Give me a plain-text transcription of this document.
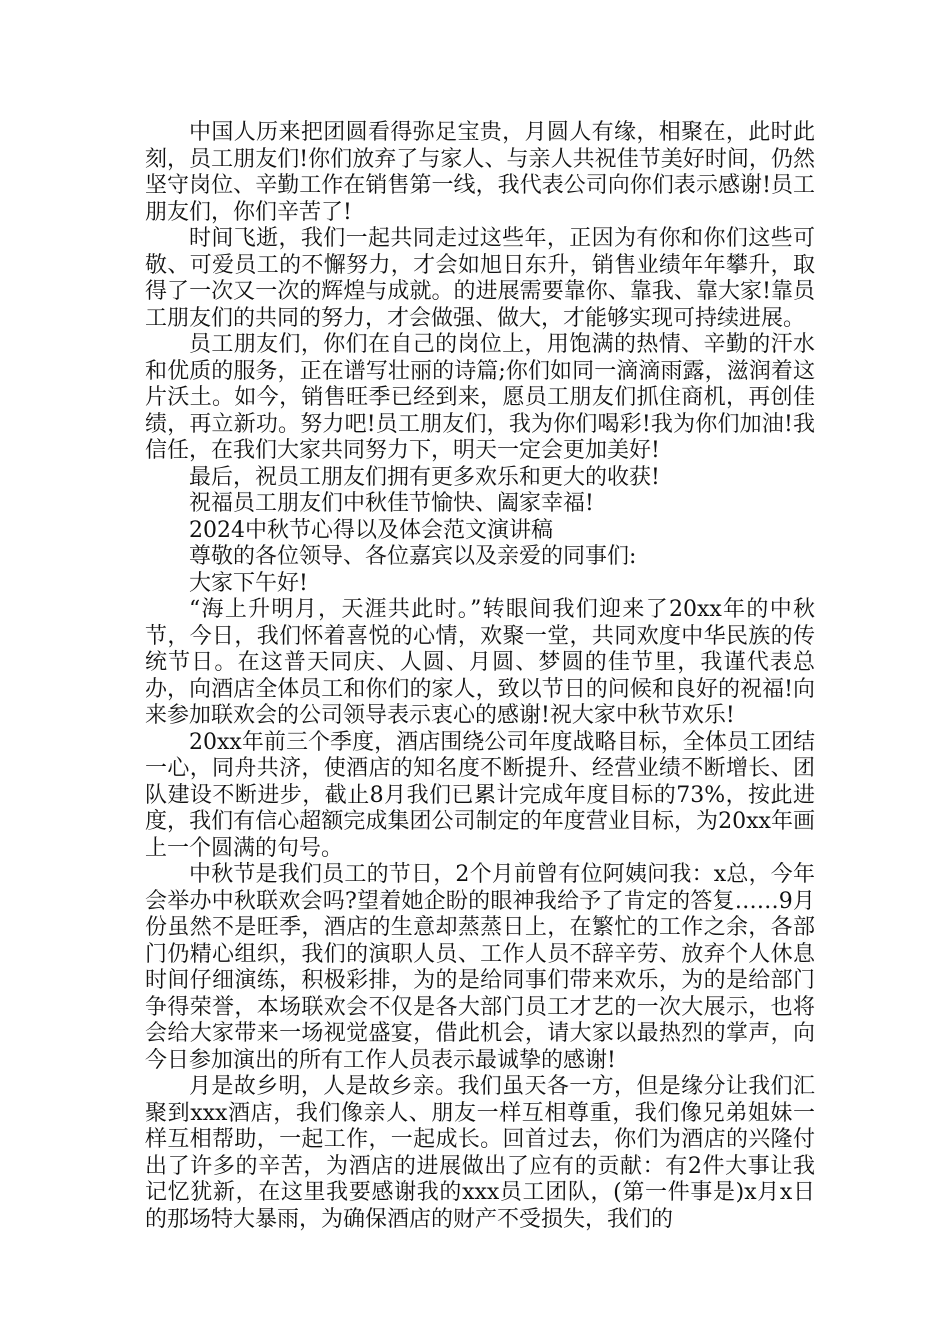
中国人历来把团圆看得弥足宝贵，月圆人有缘，相聚在，此时此刻，员工朋友们!你们放弃了与家人、与亲人共祝佳节美好时间，仍然坚守岗位、辛勤工作在销售第一线，我代表公司向你们表示感谢!员工朋友们，你们辛苦了!

时间飞逝，我们一起共同走过这些年，正因为有你和你们这些可敬、可爱员工的不懈努力，才会如旭日东升，销售业绩年年攀升，取得了一次又一次的辉煌与成就。的进展需要靠你、靠我、靠大家!靠员工朋友们的共同的努力，才会做强、做大，才能够实现可持续进展。

员工朋友们，你们在自己的岗位上，用饱满的热情、辛勤的汗水和优质的服务，正在谱写壮丽的诗篇;你们如同一滴滴雨露，滋润着这片沃土。如今，销售旺季已经到来，愿员工朋友们抓住商机，再创佳绩，再立新功。努力吧!员工朋友们，我为你们喝彩!我为你们加油!我信任，在我们大家共同努力下，明天一定会更加美好!

最后，祝员工朋友们拥有更多欢乐和更大的收获!

祝福员工朋友们中秋佳节愉快、阖家幸福!

2024中秋节心得以及体会范文演讲稿

尊敬的各位领导、各位嘉宾以及亲爱的同事们:

大家下午好!

“海上升明月，天涯共此时。”转眼间我们迎来了20xx年的中秋节，今日，我们怀着喜悦的心情，欢聚一堂，共同欢度中华民族的传统节日。在这普天同庆、人圆、月圆、梦圆的佳节里，我谨代表总办，向酒店全体员工和你们的家人，致以节日的问候和良好的祝福!向来参加联欢会的公司领导表示衷心的感谢!祝大家中秋节欢乐!

20xx年前三个季度，酒店围绕公司年度战略目标，全体员工团结一心，同舟共济，使酒店的知名度不断提升、经营业绩不断增长、团队建设不断进步，截止8月我们已累计完成年度目标的73%，按此进度，我们有信心超额完成集团公司制定的年度营业目标，为20xx年画上一个圆满的句号。

中秋节是我们员工的节日，2个月前曾有位阿姨问我：x总，今年会举办中秋联欢会吗?望着她企盼的眼神我给予了肯定的答复……9月份虽然不是旺季，酒店的生意却蒸蒸日上，在繁忙的工作之余，各部门仍精心组织，我们的演职人员、工作人员不辞辛劳、放弃个人休息时间仔细演练，积极彩排，为的是给同事们带来欢乐，为的是给部门争得荣誉，本场联欢会不仅是各大部门员工才艺的一次大展示，也将会给大家带来一场视觉盛宴，借此机会，请大家以最热烈的掌声，向今日参加演出的所有工作人员表示最诚挚的感谢!

月是故乡明，人是故乡亲。我们虽天各一方，但是缘分让我们汇聚到xxx酒店，我们像亲人、朋友一样互相尊重，我们像兄弟姐妹一样互相帮助，一起工作，一起成长。回首过去，你们为酒店的兴隆付出了许多的辛苦，为酒店的进展做出了应有的贡献：有2件大事让我记忆犹新，在这里我要感谢我的xxx员工团队，(第一件事是)x月x日的那场特大暴雨，为确保酒店的财产不受损失，我们的
